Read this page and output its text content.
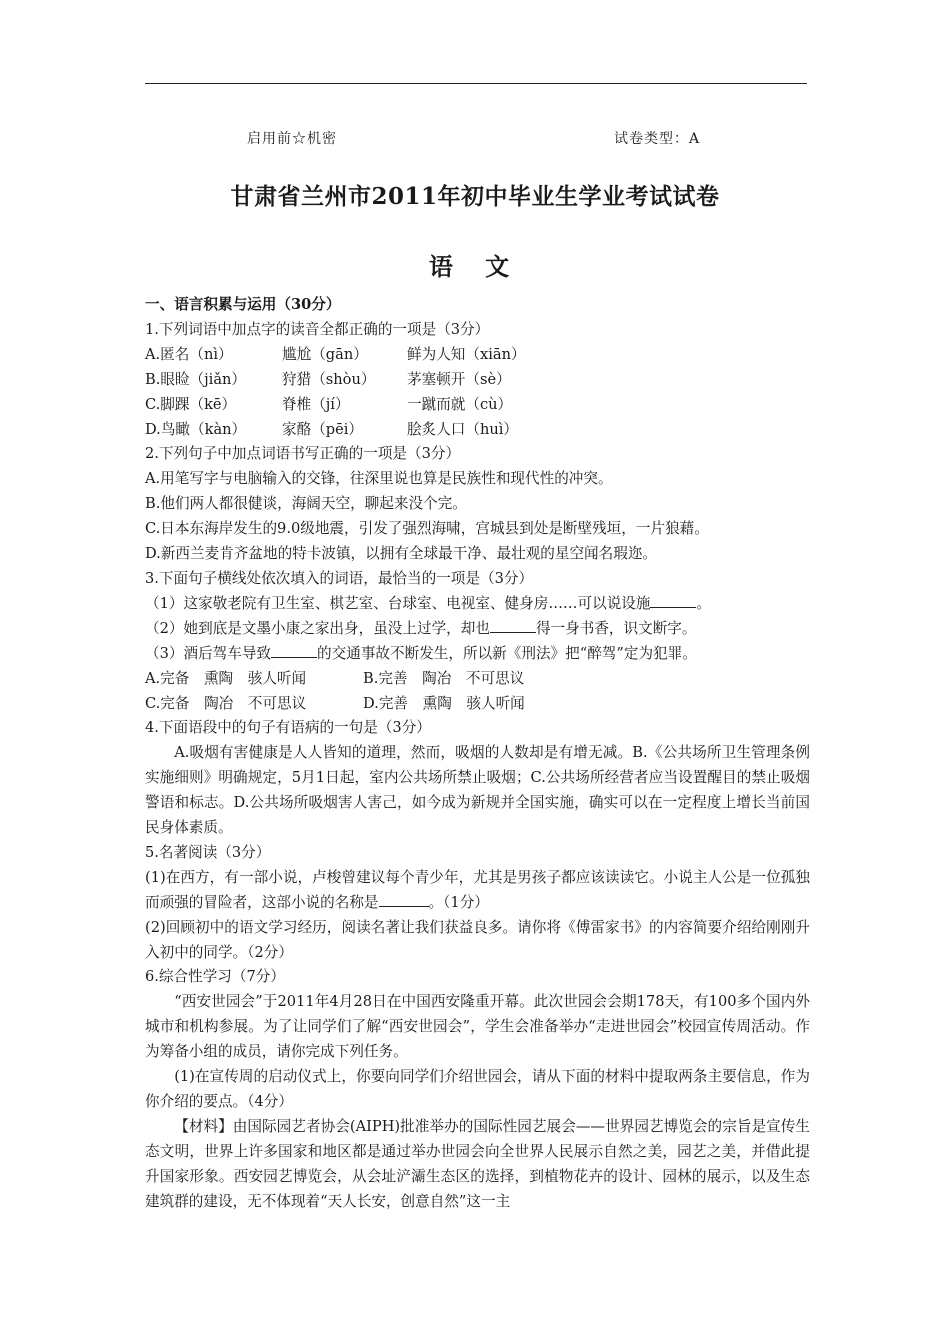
启用前☆机密	试卷类型：A
甘肃省兰州市2011年初中毕业生学业考试试卷
语 文

一、语言积累与运用（30分）

1.下列词语中加点字的读音全都正确的一项是（3分）

A.匿名（nì）	尴尬（gān）	鲜为人知（xiān）
B.眼睑（jiǎn）	狩猎（shòu）	茅塞顿开（sè）
C.脚踝（kē）	脊椎（jí）	一蹴而就（cù）
D.鸟瞰（kàn）	家酪（pēi）	脍炙人口（huì）

2.下列句子中加点词语书写正确的一项是（3分）

A.用笔写字与电脑输入的交锋，往深里说也算是民族性和现代性的冲突。

B.他们两人都很健谈，海阔天空，聊起来没个完。

C.日本东海岸发生的9.0级地震，引发了强烈海啸，宫城县到处是断壁残垣，一片狼藉。

D.新西兰麦肯齐盆地的特卡波镇，以拥有全球最干净、最壮观的星空闻名瑕迩。

3.下面句子横线处依次填入的词语，最恰当的一项是（3分）

（1）这家敬老院有卫生室、棋艺室、台球室、电视室、健身房……可以说设施	。

（2）她到底是文墨小康之家出身，虽没上过学，却也	得一身书香，识文断字。

（3）酒后驾车导致	的交通事故不断发生，所以新《刑法》把“醉驾”定为犯罪。

A.完备　熏陶　骇人听闻	B.完善　陶冶　不可思议
C.完备　陶冶　不可思议	D.完善　熏陶　骇人听闻

4.下面语段中的句子有语病的一句是（3分）

A.吸烟有害健康是人人皆知的道理，然而，吸烟的人数却是有增无减。B.《公共场所卫生管理条例实施细则》明确规定，5月1日起，室内公共场所禁止吸烟；C.公共场所经营者应当设置醒目的禁止吸烟警语和标志。D.公共场所吸烟害人害己，如今成为新规并全国实施，确实可以在一定程度上增长当前国民身体素质。

5.名著阅读（3分）

(1)在西方，有一部小说，卢梭曾建议每个青少年，尤其是男孩子都应该读读它。小说主人公是一位孤独而顽强的冒险者，这部小说的名称是	。（1分）

(2)回顾初中的语文学习经历，阅读名著让我们获益良多。请你将《傅雷家书》的内容简要介绍给刚刚升入初中的同学。（2分）

6.综合性学习（7分）

“西安世园会”于2011年4月28日在中国西安隆重开幕。此次世园会会期178天，有100多个国内外城市和机构参展。为了让同学们了解“西安世园会”，学生会准备举办“走进世园会”校园宣传周活动。作为筹备小组的成员，请你完成下列任务。

(1)在宣传周的启动仪式上，你要向同学们介绍世园会，请从下面的材料中提取两条主要信息，作为你介绍的要点。（4分）

【材料】由国际园艺者协会(AIPH)批准举办的国际性园艺展会——世界园艺博览会的宗旨是宣传生态文明，世界上许多国家和地区都是通过举办世园会向全世界人民展示自然之美，园艺之美，并借此提升国家形象。西安园艺博览会，从会址浐灞生态区的选择，到植物花卉的设计、园林的展示，以及生态建筑群的建设，无不体现着“天人长安，创意自然”这一主
